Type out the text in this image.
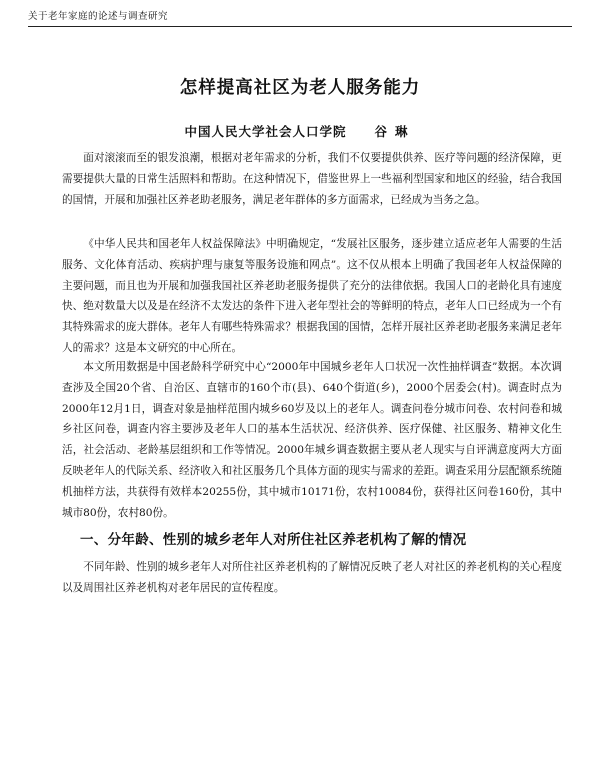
关于老年家庭的论述与调查研究
怎样提高社区为老人服务能力
中国人民大学社会人口学院 谷琳

面对滚滚而至的银发浪潮，根据对老年需求的分析，我们不仅要提供供养、医疗等问题的经济保障，更需要提供大量的日常生活照料和帮助。在这种情况下，借鉴世界上一些福利型国家和地区的经验，结合我国的国情，开展和加强社区养老助老服务，满足老年群体的多方面需求，已经成为当务之急。

《中华人民共和国老年人权益保障法》中明确规定，“发展社区服务，逐步建立适应老年人需要的生活服务、文化体育活动、疾病护理与康复等服务设施和网点”。这不仅从根本上明确了我国老年人权益保障的主要问题，而且也为开展和加强我国社区养老助老服务提供了充分的法律依据。我国人口的老龄化具有速度快、绝对数量大以及是在经济不太发达的条件下进入老年型社会的等鲜明的特点，老年人口已经成为一个有其特殊需求的庞大群体。老年人有哪些特殊需求？根据我国的国情，怎样开展社区养老助老服务来满足老年人的需求？这是本文研究的中心所在。

本文所用数据是中国老龄科学研究中心“2000年中国城乡老年人口状况一次性抽样调查”数据。本次调查涉及全国20个省、自治区、直辖市的160个市(县)、640个街道(乡)，2000个居委会(村)。调查时点为2000年12月1日，调查对象是抽样范围内城乡60岁及以上的老年人。调查问卷分城市问卷、农村问卷和城乡社区问卷，调查内容主要涉及老年人口的基本生活状况、经济供养、医疗保健、社区服务、精神文化生活，社会活动、老龄基层组织和工作等情况。2000年城乡调查数据主要从老人现实与自评满意度两大方面反映老年人的代际关系、经济收入和社区服务几个具体方面的现实与需求的差距。调查采用分层配额系统随机抽样方法，共获得有效样本20255份，其中城市10171份，农村10084份，获得社区问卷160份，其中城市80份，农村80份。

一、分年龄、性别的城乡老年人对所住社区养老机构了解的情况

不同年龄、性别的城乡老年人对所住社区养老机构的了解情况反映了老人对社区的养老机构的关心程度以及周围社区养老机构对老年居民的宣传程度。
